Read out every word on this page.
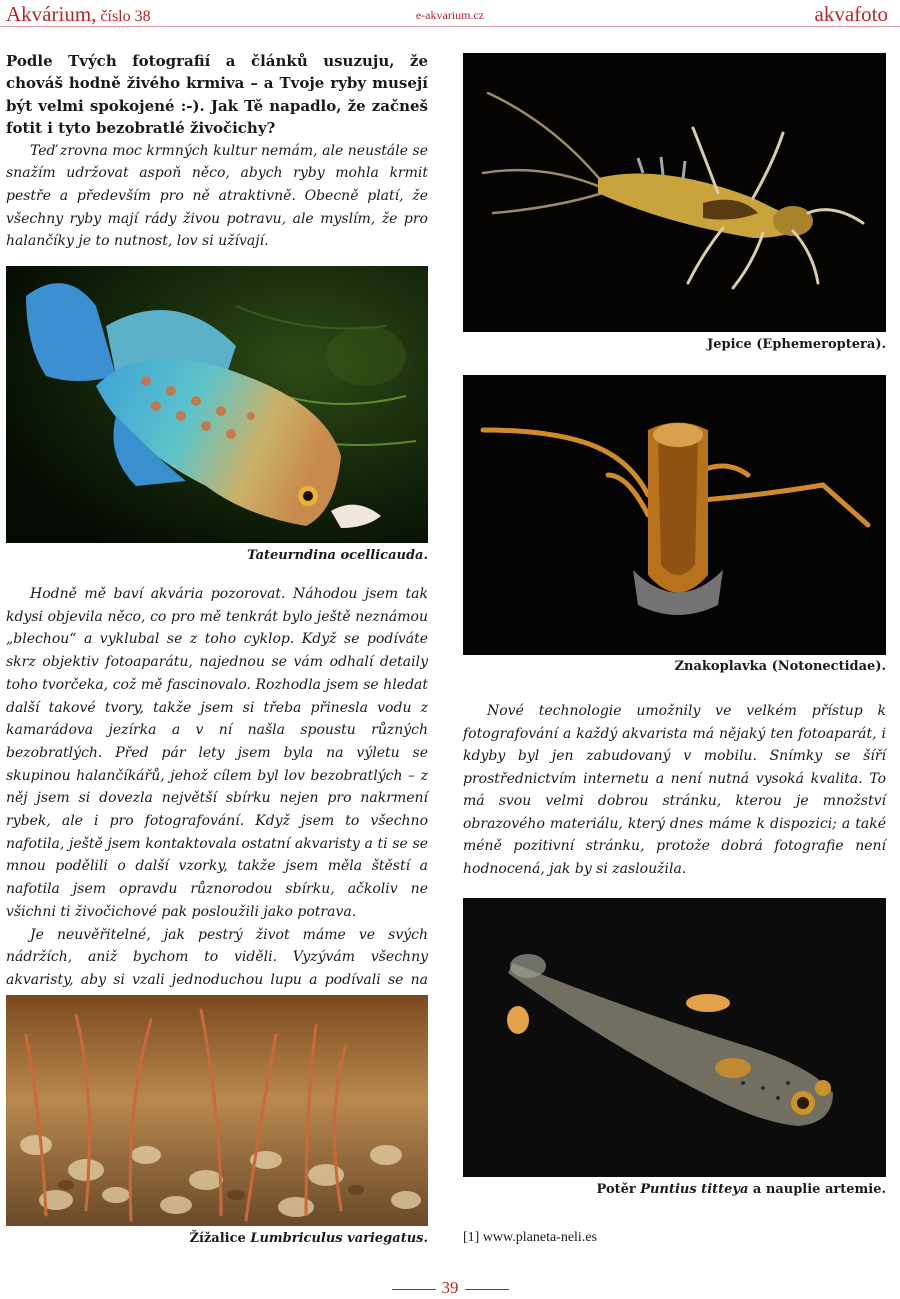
Akvárium, číslo 38	e-akvarium.cz	akvafoto

Podle Tvých fotografií a článků usuzuju, že chováš hodně živého krmiva – a Tvoje ryby musejí být velmi spokojené :-). Jak Tě napadlo, že začneš fotit i tyto bezobratlé živočichy?

Teď zrovna moc krmných kultur nemám, ale neustále se snažím udržovat aspoň něco, abych ryby mohla krmit pestře a především pro ně atraktivně. Obecně platí, že všechny ryby mají rády živou potravu, ale myslím, že pro halančíky je to nutnost, lov si užívají.

Tateurndina ocellicauda.

Hodně mě baví akvária pozorovat. Náhodou jsem tak kdysi objevila něco, co pro mě tenkrát bylo ještě neznámou „blechou“ a vyklubal se z toho cyklop. Když se podíváte skrz objektiv fotoaparátu, najednou se vám odhalí detaily toho tvorčeka, což mě fascinovalo. Rozhodla jsem se hledat další takové tvory, takže jsem si třeba přinesla vodu z kamarádova jezírka a v ní našla spoustu různých bezobratlých. Před pár lety jsem byla na výletu se skupinou halančíkářů, jehož cílem byl lov bezobratlých – z něj jsem si dovezla největší sbírku nejen pro nakrmení rybek, ale i pro fotografování. Když jsem to všechno nafotila, ještě jsem kontaktovala ostatní akvaristy a ti se se mnou podělili o další vzorky, takže jsem měla štěstí a nafotila jsem opravdu různorodou sbírku, ačkoliv ne všichni ti živočichové pak posloužili jako potrava.

Je neuvěřitelné, jak pestrý život máme ve svých nádržích, aniž bychom to viděli. Vyzývám všechny akvaristy, aby si vzali jednoduchou lupu a podívali se na

Žížalice Lumbriculus variegatus.
Jepice (Ephemeroptera).
Znakoplavka (Notonectidae).

Nové technologie umožnily ve velkém přístup k fotografování a každý akvarista má nějaký ten fotoaparát, i kdyby byl jen zabudovaný v mobilu. Snímky se šíří prostřednictvím internetu a není nutná vysoká kvalita. To má svou velmi dobrou stránku, kterou je množství obrazového materiálu, který dnes máme k dispozici; a také méně pozitivní stránku, protože dobrá fotografie není hodnocená, jak by si zasloužila.

Potěr Puntius titteya a nauplie artemie.
[1] www.planeta-neli.es
39
